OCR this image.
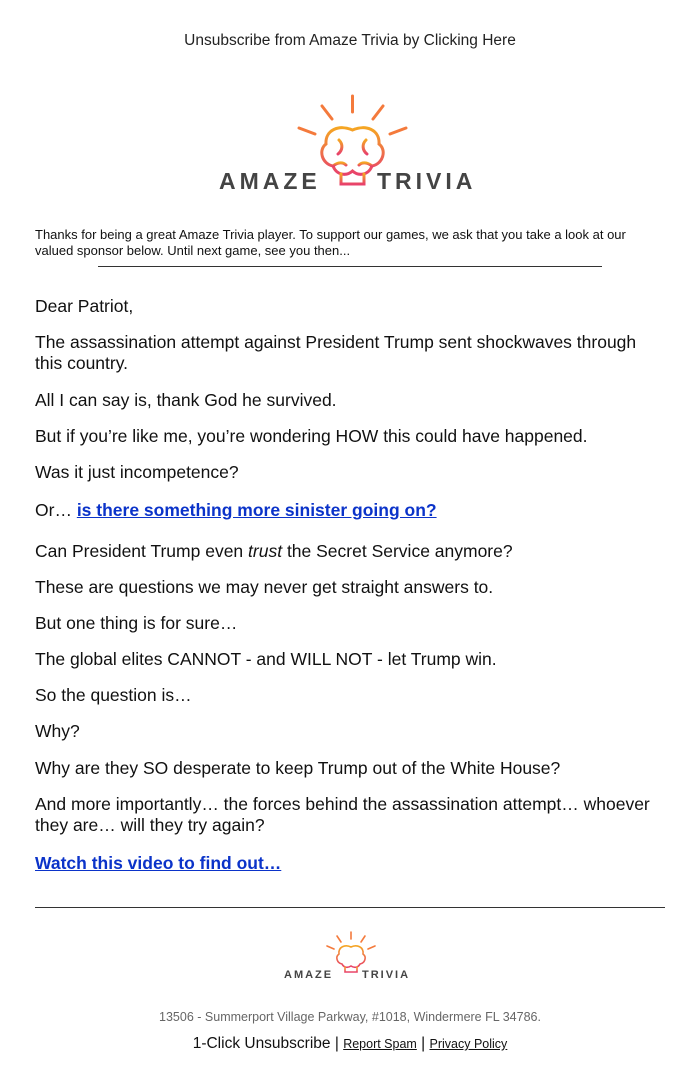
Unsubscribe from Amaze Trivia by Clicking Here
AMAZE TRIVIA

Thanks for being a great Amaze Trivia player. To support our games, we ask that you take a look at our valued sponsor below. Until next game, see you then...

Dear Patriot,

The assassination attempt against President Trump sent shockwaves through this country.

All I can say is, thank God he survived.

But if you’re like me, you’re wondering HOW this could have happened.

Was it just incompetence?

Or… is there something more sinister going on?

Can President Trump even trust the Secret Service anymore?

These are questions we may never get straight answers to.

But one thing is for sure…

The global elites CANNOT - and WILL NOT - let Trump win.

So the question is…

Why?

Why are they SO desperate to keep Trump out of the White House?

And more importantly… the forces behind the assassination attempt… whoever they are… will they try again?

Watch this video to find out…
AMAZE	TRIVIA

13506 - Summerport Village Parkway, #1018, Windermere FL 34786.

1-Click Unsubscribe | Report Spam | Privacy Policy
